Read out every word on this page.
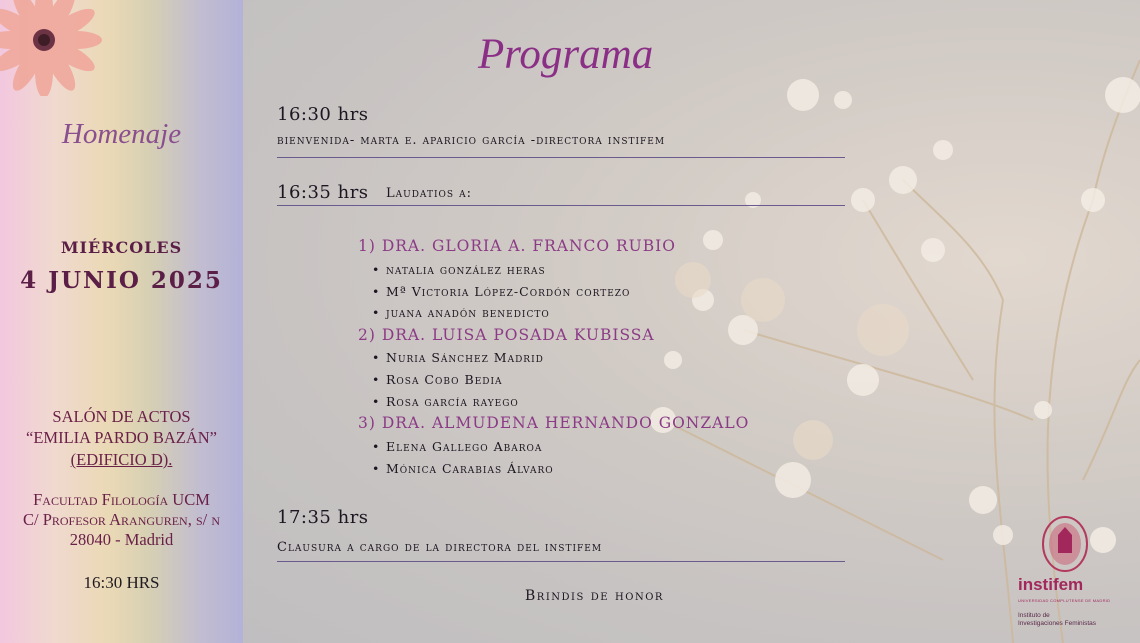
Homenaje
MIÉRCOLES
4 JUNIO 2025
SALÓN DE ACTOS
“EMILIA PARDO BAZÁN”
(EDIFICIO D).
Facultad Filología UCM
C/ Profesor Aranguren, s/ n
28040 - Madrid
16:30 HRS
Programa
16:30 hrs
bienvenida- marta e. aparicio garcía -directora instifem
16:35 hrs Laudatios a:
1) DRA. GLORIA A. FRANCO RUBIO
• natalia gonzález heras
• Mª Victoria López-Cordón cortezo
• juana anadón benedicto
2) DRA. LUISA POSADA KUBISSA
• Nuria Sánchez Madrid
• Rosa Cobo Bedia
• Rosa garcía rayego
3) DRA. ALMUDENA HERNANDO GONZALO
• Elena Gallego Abaroa
• Mónica Carabias Álvaro
17:35 hrs
Clausura a cargo de la directora del instifem
Brindis de honor
instifem
UNIVERSIDAD COMPLUTENSE DE MADRID
Instituto de
Investigaciones Feministas
